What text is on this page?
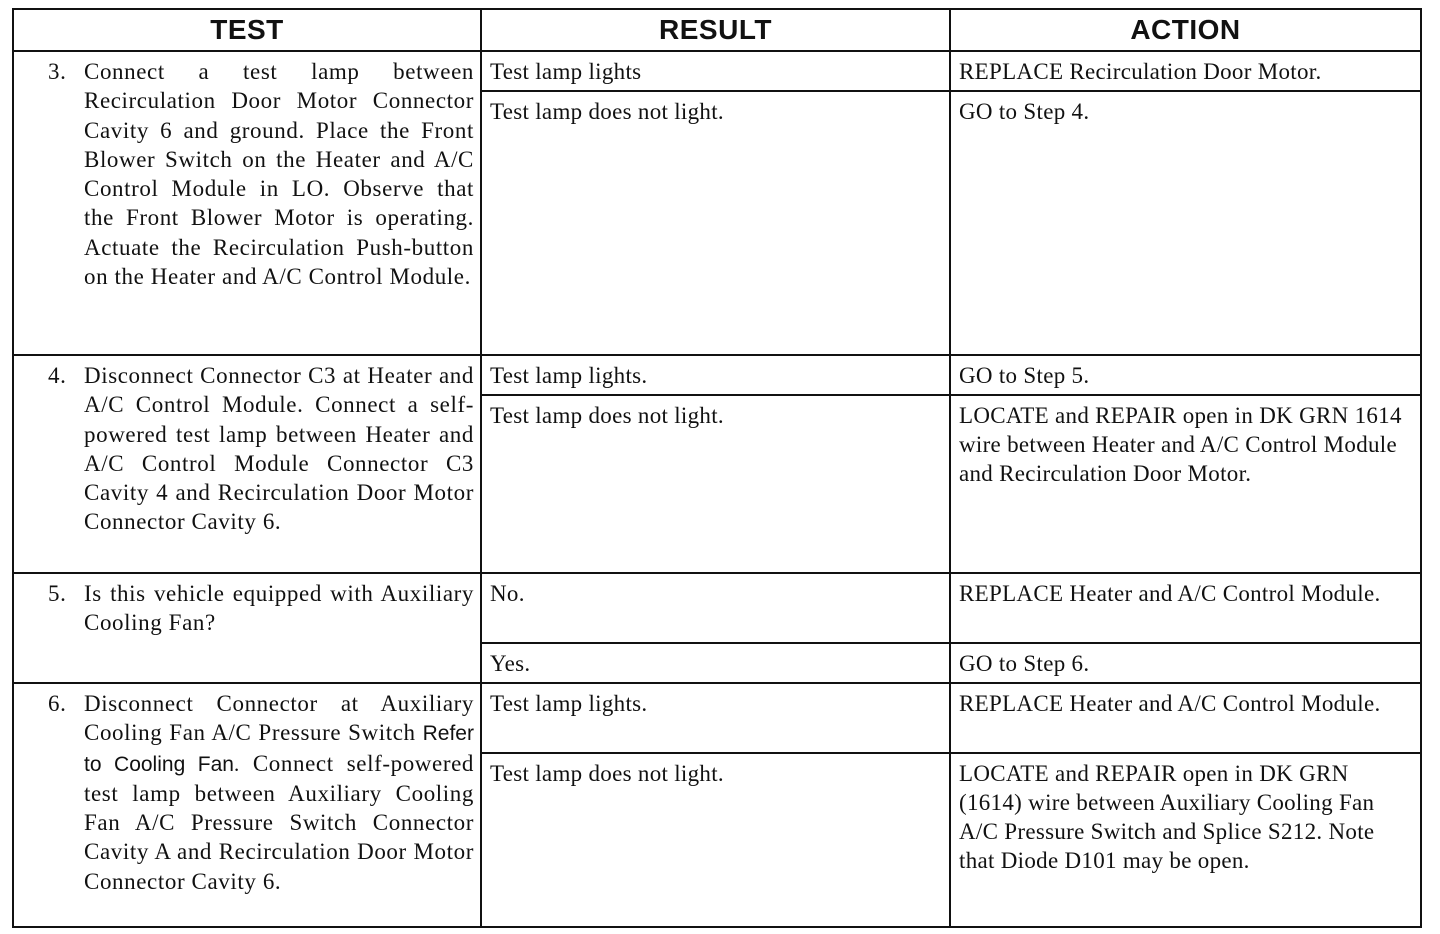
TEST	RESULT	ACTION

3. Connect a test lamp between Recirculation Door Motor Connector Cavity 6 and ground. Place the Front Blower Switch on the Heater and A/C Control Module in LO. Observe that the Front Blower Motor is operating. Actuate the Recirculation Push-button on the Heater and A/C Control Module.	Test lamp lights	REPLACE Recirculation Door Motor.

	Test lamp does not light.	GO to Step 4.

4. Disconnect Connector C3 at Heater and A/C Control Module. Connect a self-powered test lamp between Heater and A/C Control Module Connector C3 Cavity 4 and Recirculation Door Motor Connector Cavity 6.	Test lamp lights.	GO to Step 5.

	Test lamp does not light.	LOCATE and REPAIR open in DK GRN 1614 wire between Heater and A/C Control Module and Recirculation Door Motor.

5. Is this vehicle equipped with Auxiliary Cooling Fan?	No.	REPLACE Heater and A/C Control Module.

	Yes.	GO to Step 6.

6. Disconnect Connector at Auxiliary Cooling Fan A/C Pressure Switch Refer to Cooling Fan. Connect self-powered test lamp between Auxiliary Cooling Fan A/C Pressure Switch Connector Cavity A and Recirculation Door Motor Connector Cavity 6.	Test lamp lights.	REPLACE Heater and A/C Control Module.

	Test lamp does not light.	LOCATE and REPAIR open in DK GRN (1614) wire between Auxiliary Cooling Fan A/C Pressure Switch and Splice S212. Note that Diode D101 may be open.
